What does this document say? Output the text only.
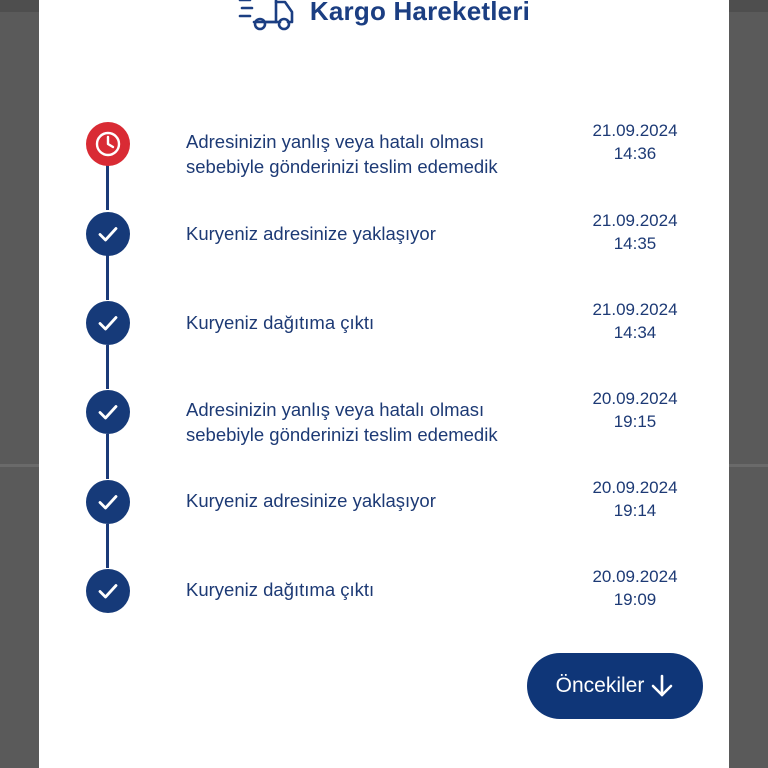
Kargo Hareketleri
Adresinizin yanlış veya hatalı olması sebebiyle gönderinizi teslim edemedik
21.09.2024
14:36
Kuryeniz adresinize yaklaşıyor
21.09.2024
14:35
Kuryeniz dağıtıma çıktı
21.09.2024
14:34
Adresinizin yanlış veya hatalı olması sebebiyle gönderinizi teslim edemedik
20.09.2024
19:15
Kuryeniz adresinize yaklaşıyor
20.09.2024
19:14
Kuryeniz dağıtıma çıktı
20.09.2024
19:09
Öncekiler
